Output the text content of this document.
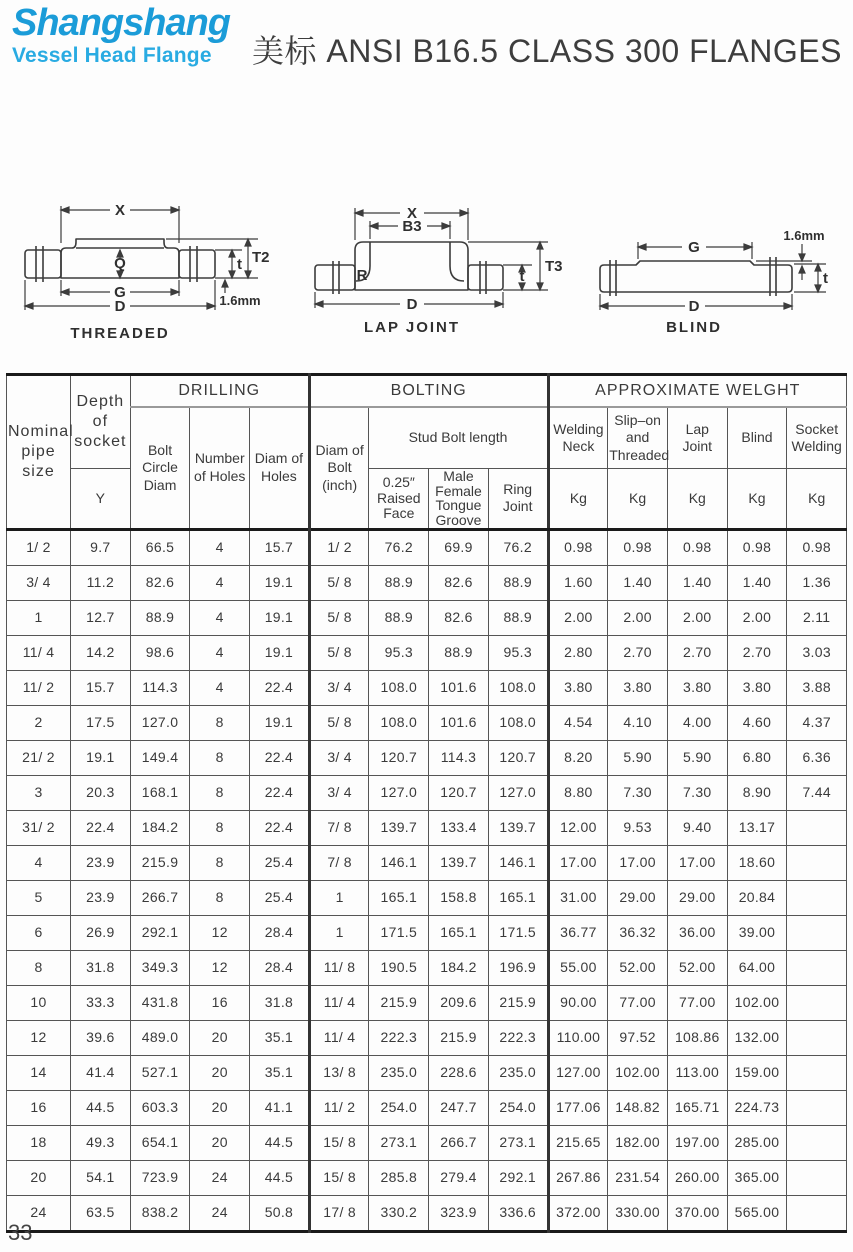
Shangshang
Vessel Head Flange	美标 ANSI B16.5 CLASS 300 FLANGES
X
Q
G
D
t T2
1.6mm
THREADED
X
B3
R
D
t
T3
LAP JOINT
G
1.6mm
t
D
BLIND
Nominal pipe size	Depth of socket	DRILLING			BOLTING				APPROXIMATE WELGHT				
		Bolt Circle Diam	Number of Holes	Diam of Holes	Diam of Bolt (inch)	Stud Bolt length			Welding Neck	Slip–on and Threaded	Lap Joint	Blind	Socket Welding
	Y					0.25″ Raised Face	Male Female Tongue Groove	Ring Joint	Kg	Kg	Kg	Kg	Kg
1/ 2	9.7	66.5	4	15.7	1/ 2	76.2	69.9	76.2	0.98	0.98	0.98	0.98	0.98
3/ 4	11.2	82.6	4	19.1	5/ 8	88.9	82.6	88.9	1.60	1.40	1.40	1.40	1.36
1	12.7	88.9	4	19.1	5/ 8	88.9	82.6	88.9	2.00	2.00	2.00	2.00	2.11
11/ 4	14.2	98.6	4	19.1	5/ 8	95.3	88.9	95.3	2.80	2.70	2.70	2.70	3.03
11/ 2	15.7	114.3	4	22.4	3/ 4	108.0	101.6	108.0	3.80	3.80	3.80	3.80	3.88
2	17.5	127.0	8	19.1	5/ 8	108.0	101.6	108.0	4.54	4.10	4.00	4.60	4.37
21/ 2	19.1	149.4	8	22.4	3/ 4	120.7	114.3	120.7	8.20	5.90	5.90	6.80	6.36
3	20.3	168.1	8	22.4	3/ 4	127.0	120.7	127.0	8.80	7.30	7.30	8.90	7.44
31/ 2	22.4	184.2	8	22.4	7/ 8	139.7	133.4	139.7	12.00	9.53	9.40	13.17	
4	23.9	215.9	8	25.4	7/ 8	146.1	139.7	146.1	17.00	17.00	17.00	18.60	
5	23.9	266.7	8	25.4	1	165.1	158.8	165.1	31.00	29.00	29.00	20.84	
6	26.9	292.1	12	28.4	1	171.5	165.1	171.5	36.77	36.32	36.00	39.00	
8	31.8	349.3	12	28.4	11/ 8	190.5	184.2	196.9	55.00	52.00	52.00	64.00	
10	33.3	431.8	16	31.8	11/ 4	215.9	209.6	215.9	90.00	77.00	77.00	102.00	
12	39.6	489.0	20	35.1	11/ 4	222.3	215.9	222.3	110.00	97.52	108.86	132.00	
14	41.4	527.1	20	35.1	13/ 8	235.0	228.6	235.0	127.00	102.00	113.00	159.00	
16	44.5	603.3	20	41.1	11/ 2	254.0	247.7	254.0	177.06	148.82	165.71	224.73	
18	49.3	654.1	20	44.5	15/ 8	273.1	266.7	273.1	215.65	182.00	197.00	285.00	
20	54.1	723.9	24	44.5	15/ 8	285.8	279.4	292.1	267.86	231.54	260.00	365.00	
24	63.5	838.2	24	50.8	17/ 8	330.2	323.9	336.6	372.00	330.00	370.00	565.00	
33
